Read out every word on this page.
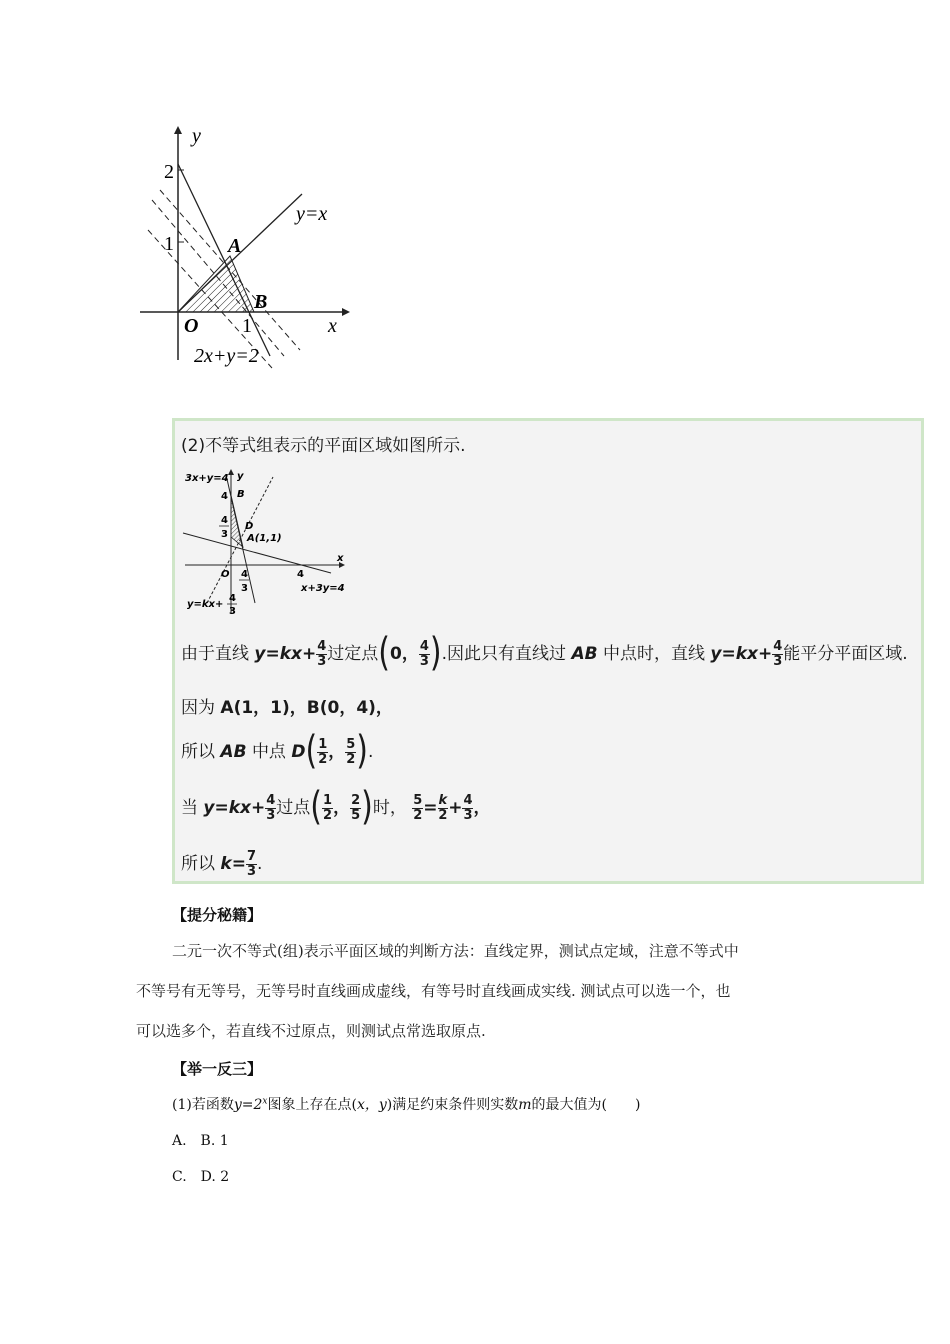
y
x
2
1
1
O
A
B
y=x
2x+y=2
(2)不等式组表示的平面区域如图所示.
3x+y=4 y
x
4 B
4
3
D
A(1,1)
O 4
3
4
x+3y=4
y=kx+
4
3
由于直线 $y=kx+ \frac{4}{3}$ 过定点(0， $\frac{4}{3}$ ).因此只有直线过 AB 中点时，直线 $y=kx+ \frac{4}{3}$ 能平分平面区域.
因为 A(1，1)，B(0，4)，
所以 AB 中点 $D( \frac{1}{2}$ ， $\frac{5}{2}$ ).
当 $y=kx+ \frac{4}{3}$ 过点( $\frac{1}{2}$ ， $\frac{2}{5}$ )时， $\frac{5}{2} = \frac{k}{2} + \frac{4}{3}$ ，
所以 $k= \frac{7}{3}$ .
【提分秘籍】
二元一次不等式(组)表示平面区域的判断方法：直线定界，测试点定域，注意不等式中
不等号有无等号，无等号时直线画成虚线，有等号时直线画成实线. 测试点可以选一个，也
可以选多个，若直线不过原点，则测试点常选取原点.
【举一反三】
(1)若函数$y=2^x$图象上存在点(x，y)满足约束条件则实数m的最大值为(　　)
A.　B. 1
C.　D. 2
